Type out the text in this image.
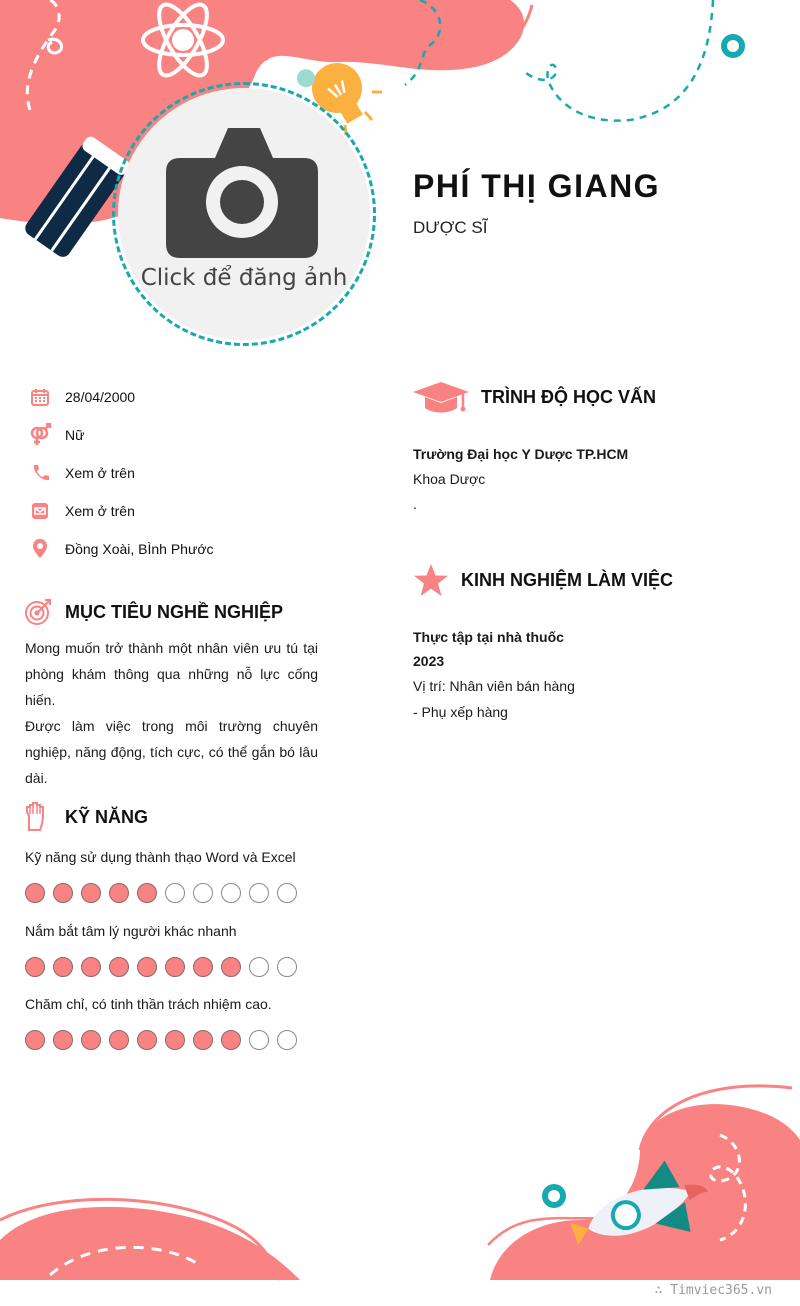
Click để đăng ảnh
PHÍ THỊ GIANG
DƯỢC SĨ
28/04/2000
Nữ
Xem ở trên
Xem ở trên
Đồng Xoài, BÌnh Phước
MỤC TIÊU NGHỀ NGHIỆP
Mong muốn trở thành một nhân viên ưu tú tại phòng khám thông qua những nỗ lực cống hiến.
Được làm việc trong môi trường chuyên nghiệp, năng động, tích cực, có thể gắn bó lâu dài.
KỸ NĂNG
Kỹ năng sử dụng thành thạo Word và Excel
Nắm bắt tâm lý người khác nhanh
Chăm chỉ, có tinh thần trách nhiệm cao.
TRÌNH ĐỘ HỌC VẤN
Trường Đại học Y Dược TP.HCM
Khoa Dược
.
KINH NGHIỆM LÀM VIỆC
Thực tập tại nhà thuốc
2023
Vị trí: Nhân viên bán hàng
- Phụ xếp hàng
∴ Timviec365.vn
